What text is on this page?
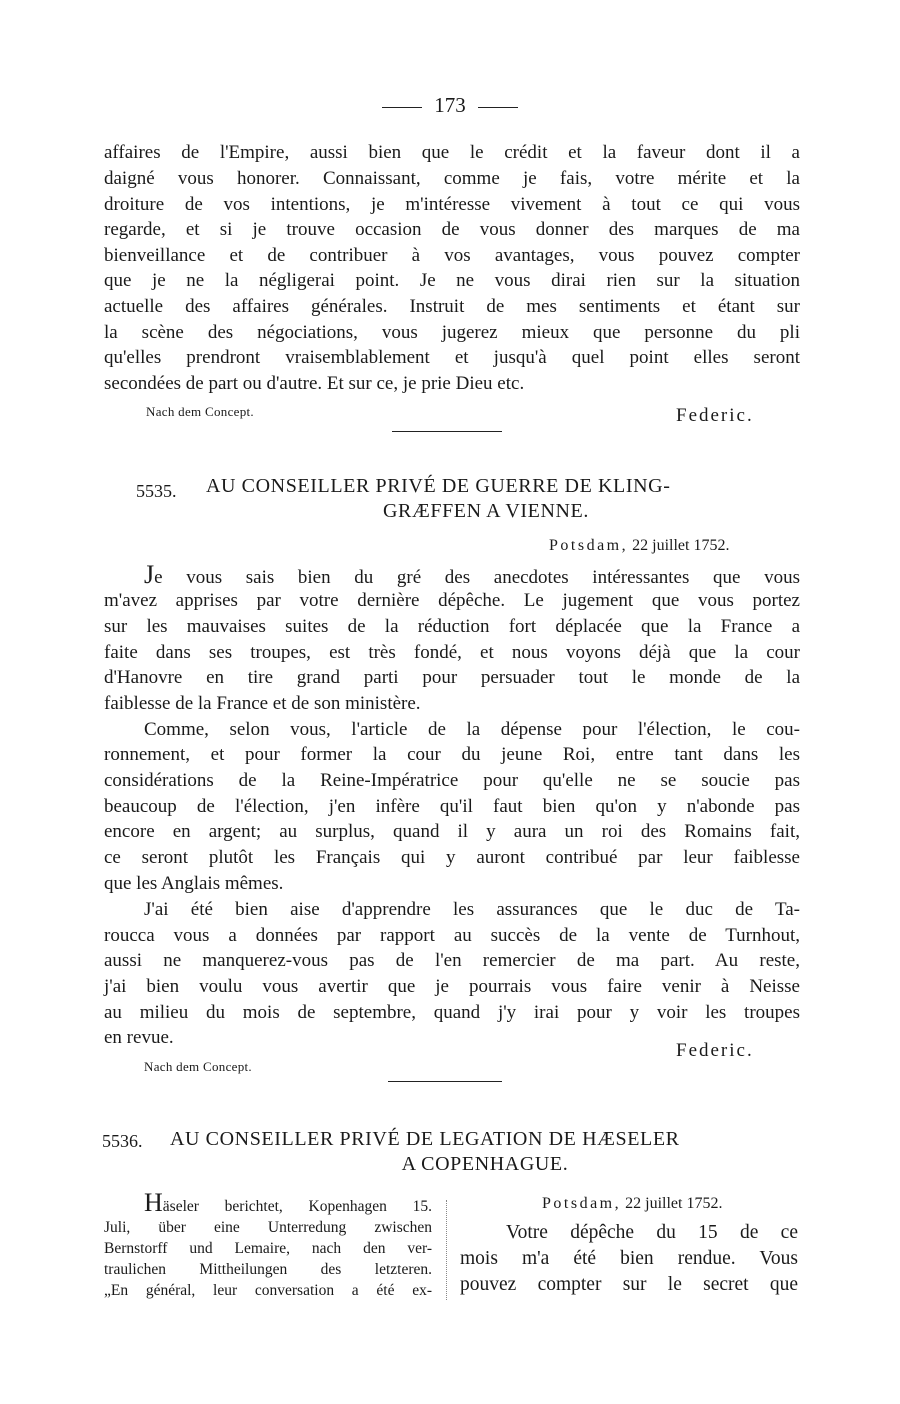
173
affaires de l'Empire, aussi bien que le crédit et la faveur dont il a
daigné vous honorer. Connaissant, comme je fais, votre mérite et la
droiture de vos intentions, je m'intéresse vivement à tout ce qui vous
regarde, et si je trouve occasion de vous donner des marques de ma
bienveillance et de contribuer à vos avantages, vous pouvez compter
que je ne la négligerai point. Je ne vous dirai rien sur la situation
actuelle des affaires générales. Instruit de mes sentiments et étant sur
la scène des négociations, vous jugerez mieux que personne du pli
qu'elles prendront vraisemblablement et jusqu'à quel point elles seront
secondées de part ou d'autre. Et sur ce, je prie Dieu etc.
Nach dem Concept.	Federic.
5535. AU CONSEILLER PRIVÉ DE GUERRE DE KLING-
GRÆFFEN A VIENNE.
Potsdam, 22 juillet 1752.
Je vous sais bien du gré des anecdotes intéressantes que vous
m'avez apprises par votre dernière dépêche. Le jugement que vous portez
sur les mauvaises suites de la réduction fort déplacée que la France a
faite dans ses troupes, est très fondé, et nous voyons déjà que la cour
d'Hanovre en tire grand parti pour persuader tout le monde de la
faiblesse de la France et de son ministère.
Comme, selon vous, l'article de la dépense pour l'élection, le cou-
ronnement, et pour former la cour du jeune Roi, entre tant dans les
considérations de la Reine-Impératrice pour qu'elle ne se soucie pas
beaucoup de l'élection, j'en infère qu'il faut bien qu'on y n'abonde pas
encore en argent; au surplus, quand il y aura un roi des Romains fait,
ce seront plutôt les Français qui y auront contribué par leur faiblesse
que les Anglais mêmes.
J'ai été bien aise d'apprendre les assurances que le duc de Ta-
roucca vous a données par rapport au succès de la vente de Turnhout,
aussi ne manquerez-vous pas de l'en remercier de ma part. Au reste,
j'ai bien voulu vous avertir que je pourrais vous faire venir à Neisse
au milieu du mois de septembre, quand j'y irai pour y voir les troupes
en revue.
Federic.
Nach dem Concept.
5536. AU CONSEILLER PRIVÉ DE LEGATION DE HÆSELER
A COPENHAGUE.
Häseler berichtet, Kopenhagen 15.
Juli, über eine Unterredung zwischen
Bernstorff und Lemaire, nach den ver-
traulichen Mittheilungen des letzteren.
„En général, leur conversation a été ex-
Potsdam, 22 juillet 1752.
Votre dépêche du 15 de ce
mois m'a été bien rendue. Vous
pouvez compter sur le secret que
